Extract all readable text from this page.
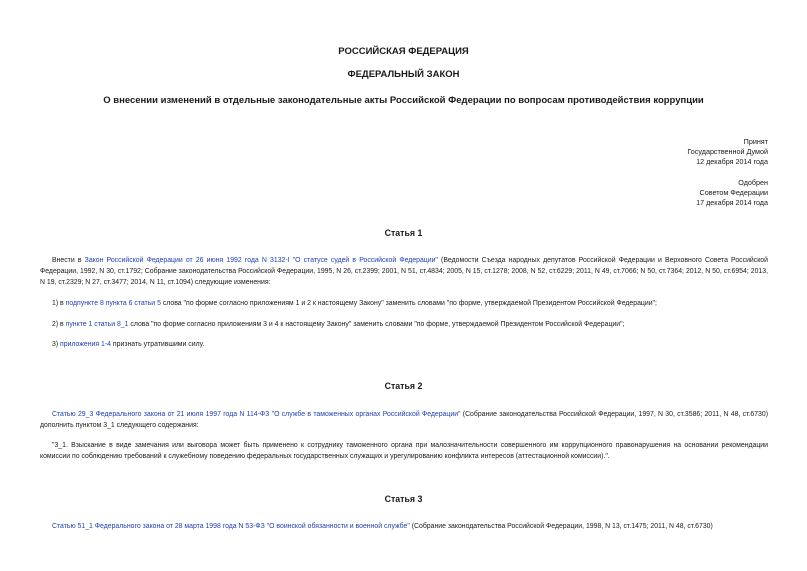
РОССИЙСКАЯ ФЕДЕРАЦИЯ
ФЕДЕРАЛЬНЫЙ ЗАКОН
О внесении изменений в отдельные законодательные акты Российской Федерации по вопросам противодействия коррупции
Принят
Государственной Думой
12 декабря 2014 года
Одобрен
Советом Федерации
17 декабря 2014 года
Статья 1
Внести в Закон Российской Федерации от 26 июня 1992 года N 3132-I "О статусе судей в Российской Федерации" (Ведомости Съезда народных депутатов Российской Федерации и Верховного Совета Российской Федерации, 1992, N 30, ст.1792; Собрание законодательства Российской Федерации, 1995, N 26, ст.2399; 2001, N 51, ст.4834; 2005, N 15, ст.1278; 2008, N 52, ст.6229; 2011, N 49, ст.7066; N 50, ст.7364; 2012, N 50, ст.6954; 2013, N 19, ст.2329; N 27, ст.3477; 2014, N 11, ст.1094) следующие изменения:
1) в подпункте 8 пункта 6 статьи 5 слова "по форме согласно приложениям 1 и 2 к настоящему Закону" заменить словами "по форме, утверждаемой Президентом Российской Федерации";
2) в пункте 1 статьи 8_1 слова "по форме согласно приложениям 3 и 4 к настоящему Закону" заменить словами "по форме, утверждаемой Президентом Российской Федерации";
3) приложения 1-4 признать утратившими силу.
Статья 2
Статью 29_3 Федерального закона от 21 июля 1997 года N 114-ФЗ "О службе в таможенных органах Российской Федерации" (Собрание законодательства Российской Федерации, 1997, N 30, ст.3586; 2011, N 48, ст.6730) дополнить пунктом 3_1 следующего содержания:
"3_1. Взыскание в виде замечания или выговора может быть применено к сотруднику таможенного органа при малозначительности совершенного им коррупционного правонарушения на основании рекомендации комиссии по соблюдению требований к служебному поведению федеральных государственных служащих и урегулированию конфликта интересов (аттестационной комиссии).".
Статья 3
Статью 51_1 Федерального закона от 28 марта 1998 года N 53-ФЗ "О воинской обязанности и военной службе" (Собрание законодательства Российской Федерации, 1998, N 13, ст.1475; 2011, N 48, ст.6730)
